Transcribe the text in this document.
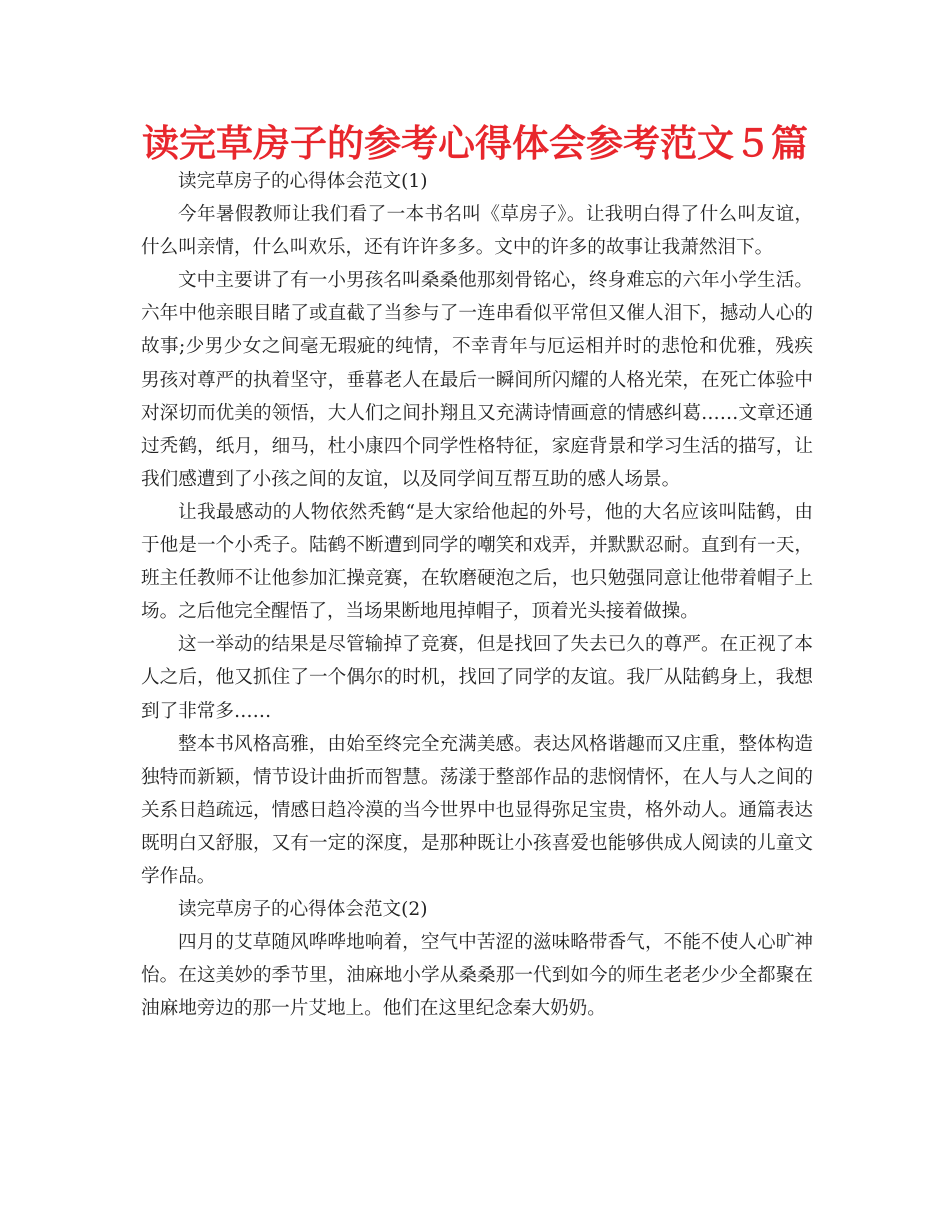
读完草房子的参考心得体会参考范文５篇

读完草房子的心得体会范文(1)

今年暑假教师让我们看了一本书名叫《草房子》。让我明白得了什么叫友谊，什么叫亲情，什么叫欢乐，还有许许多多。文中的许多的故事让我萧然泪下。

文中主要讲了有一小男孩名叫桑桑他那刻骨铭心，终身难忘的六年小学生活。六年中他亲眼目睹了或直截了当参与了一连串看似平常但又催人泪下，撼动人心的故事;少男少女之间毫无瑕疵的纯情，不幸青年与厄运相并时的悲怆和优雅，残疾男孩对尊严的执着坚守，垂暮老人在最后一瞬间所闪耀的人格光荣，在死亡体验中对深切而优美的领悟，大人们之间扑翔且又充满诗情画意的情感纠葛……文章还通过秃鹤，纸月，细马，杜小康四个同学性格特征，家庭背景和学习生活的描写，让我们感遭到了小孩之间的友谊，以及同学间互帮互助的感人场景。

让我最感动的人物依然秃鹤“是大家给他起的外号，他的大名应该叫陆鹤，由于他是一个小秃子。陆鹤不断遭到同学的嘲笑和戏弄，并默默忍耐。直到有一天，班主任教师不让他参加汇操竞赛，在软磨硬泡之后，也只勉强同意让他带着帽子上场。之后他完全醒悟了，当场果断地甩掉帽子，顶着光头接着做操。

这一举动的结果是尽管输掉了竞赛，但是找回了失去已久的尊严。在正视了本人之后，他又抓住了一个偶尔的时机，找回了同学的友谊。我厂从陆鹤身上，我想到了非常多……

整本书风格高雅，由始至终完全充满美感。表达风格谐趣而又庄重，整体构造独特而新颖，情节设计曲折而智慧。荡漾于整部作品的悲悯情怀，在人与人之间的关系日趋疏远，情感日趋冷漠的当今世界中也显得弥足宝贵，格外动人。通篇表达既明白又舒服，又有一定的深度，是那种既让小孩喜爱也能够供成人阅读的儿童文学作品。

读完草房子的心得体会范文(2)

四月的艾草随风哗哗地响着，空气中苦涩的滋味略带香气，不能不使人心旷神怡。在这美妙的季节里，油麻地小学从桑桑那一代到如今的师生老老少少全都聚在油麻地旁边的那一片艾地上。他们在这里纪念秦大奶奶。
